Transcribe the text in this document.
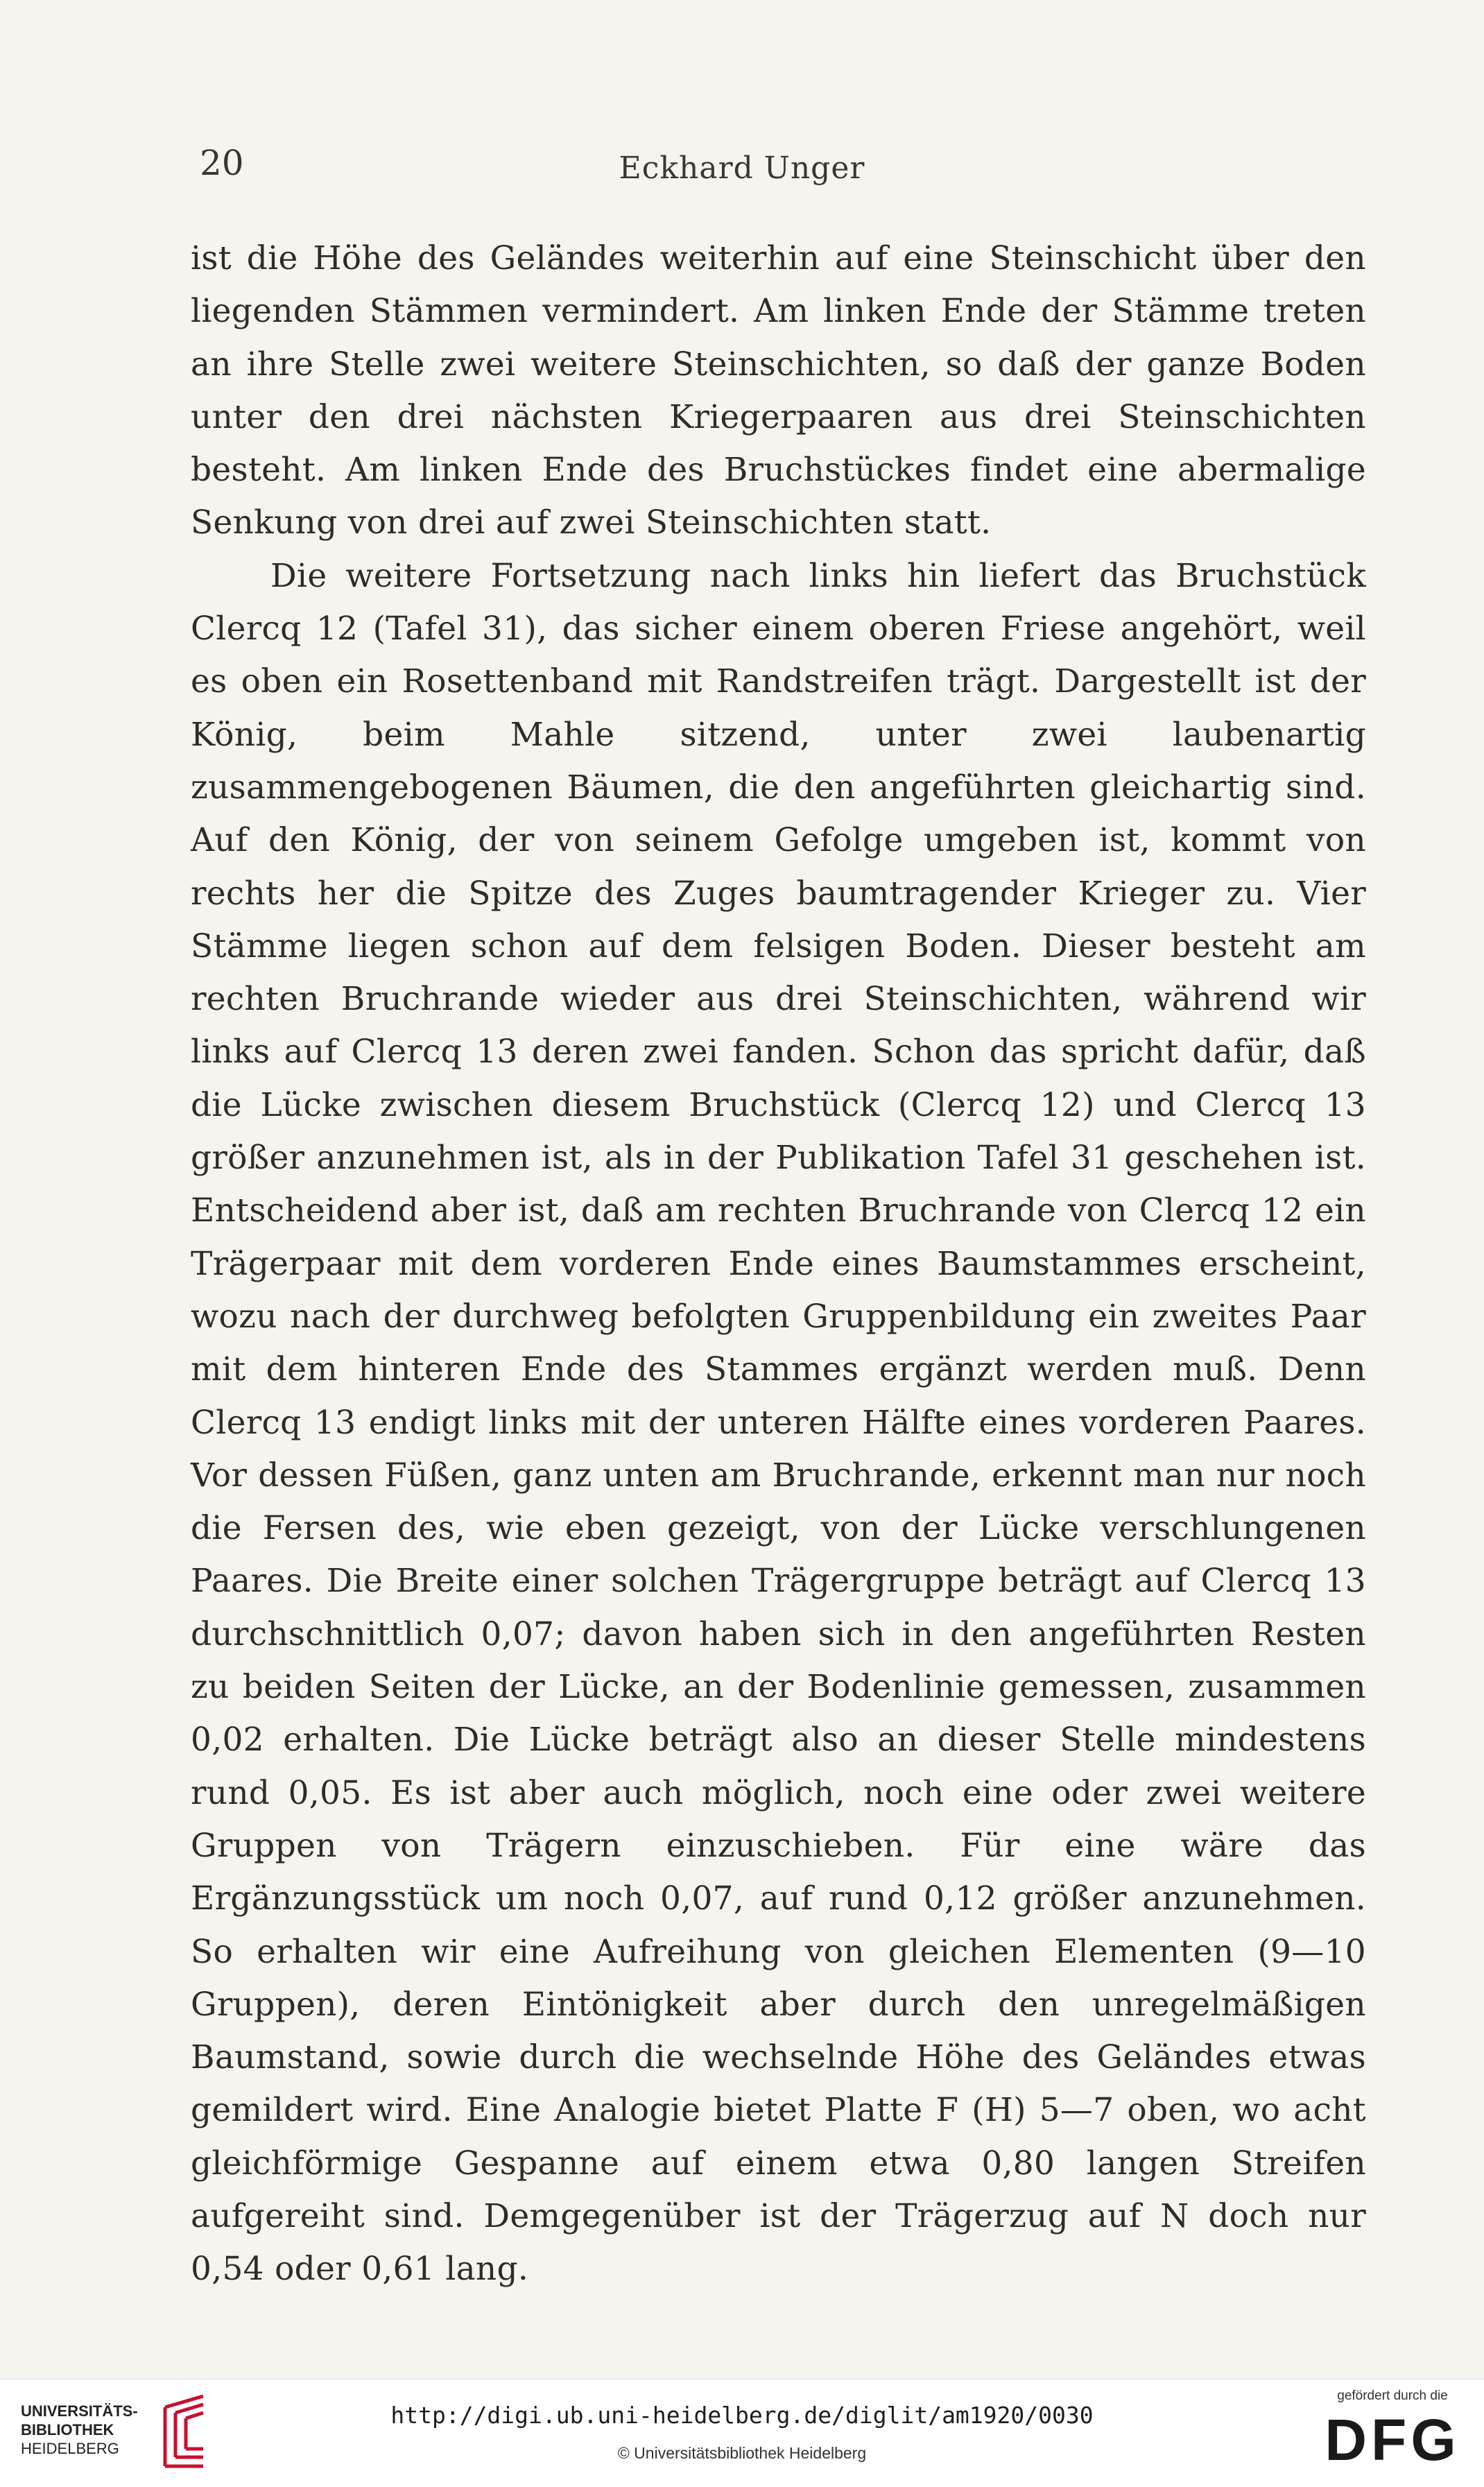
20	Eckhard Unger

ist die Höhe des Geländes weiterhin auf eine Steinschicht über den liegenden Stämmen vermindert. Am linken Ende der Stämme treten an ihre Stelle zwei weitere Steinschichten, so daß der ganze Boden unter den drei nächsten Kriegerpaaren aus drei Steinschichten besteht. Am linken Ende des Bruchstückes findet eine abermalige Senkung von drei auf zwei Steinschichten statt.

Die weitere Fortsetzung nach links hin liefert das Bruchstück Clercq 12 (Tafel 31), das sicher einem oberen Friese angehört, weil es oben ein Rosettenband mit Randstreifen trägt. Dargestellt ist der König, beim Mahle sitzend, unter zwei laubenartig zusammengebogenen Bäumen, die den angeführten gleichartig sind. Auf den König, der von seinem Gefolge umgeben ist, kommt von rechts her die Spitze des Zuges baumtragender Krieger zu. Vier Stämme liegen schon auf dem felsigen Boden. Dieser besteht am rechten Bruchrande wieder aus drei Steinschichten, während wir links auf Clercq 13 deren zwei fanden. Schon das spricht dafür, daß die Lücke zwischen diesem Bruchstück (Clercq 12) und Clercq 13 größer anzunehmen ist, als in der Publikation Tafel 31 geschehen ist. Entscheidend aber ist, daß am rechten Bruchrande von Clercq 12 ein Trägerpaar mit dem vorderen Ende eines Baumstammes erscheint, wozu nach der durchweg befolgten Gruppenbildung ein zweites Paar mit dem hinteren Ende des Stammes ergänzt werden muß. Denn Clercq 13 endigt links mit der unteren Hälfte eines vorderen Paares. Vor dessen Füßen, ganz unten am Bruchrande, erkennt man nur noch die Fersen des, wie eben gezeigt, von der Lücke verschlungenen Paares. Die Breite einer solchen Trägergruppe beträgt auf Clercq 13 durchschnittlich 0,07; davon haben sich in den angeführten Resten zu beiden Seiten der Lücke, an der Bodenlinie gemessen, zusammen 0,02 erhalten. Die Lücke beträgt also an dieser Stelle mindestens rund 0,05. Es ist aber auch möglich, noch eine oder zwei weitere Gruppen von Trägern einzuschieben. Für eine wäre das Ergänzungsstück um noch 0,07, auf rund 0,12 größer anzunehmen. So erhalten wir eine Aufreihung von gleichen Elementen (9—10 Gruppen), deren Eintönigkeit aber durch den unregelmäßigen Baumstand, sowie durch die wechselnde Höhe des Geländes etwas gemildert wird. Eine Analogie bietet Platte F (H) 5—7 oben, wo acht gleichförmige Gespanne auf einem etwa 0,80 langen Streifen aufgereiht sind. Demgegenüber ist der Trägerzug auf N doch nur 0,54 oder 0,61 lang.

UNIVERSITÄTS-
BIBLIOTHEK
HEIDELBERG
http://digi.ub.uni-heidelberg.de/diglit/am1920/0030
© Universitätsbibliothek Heidelberg
gefördert durch die
DFG
